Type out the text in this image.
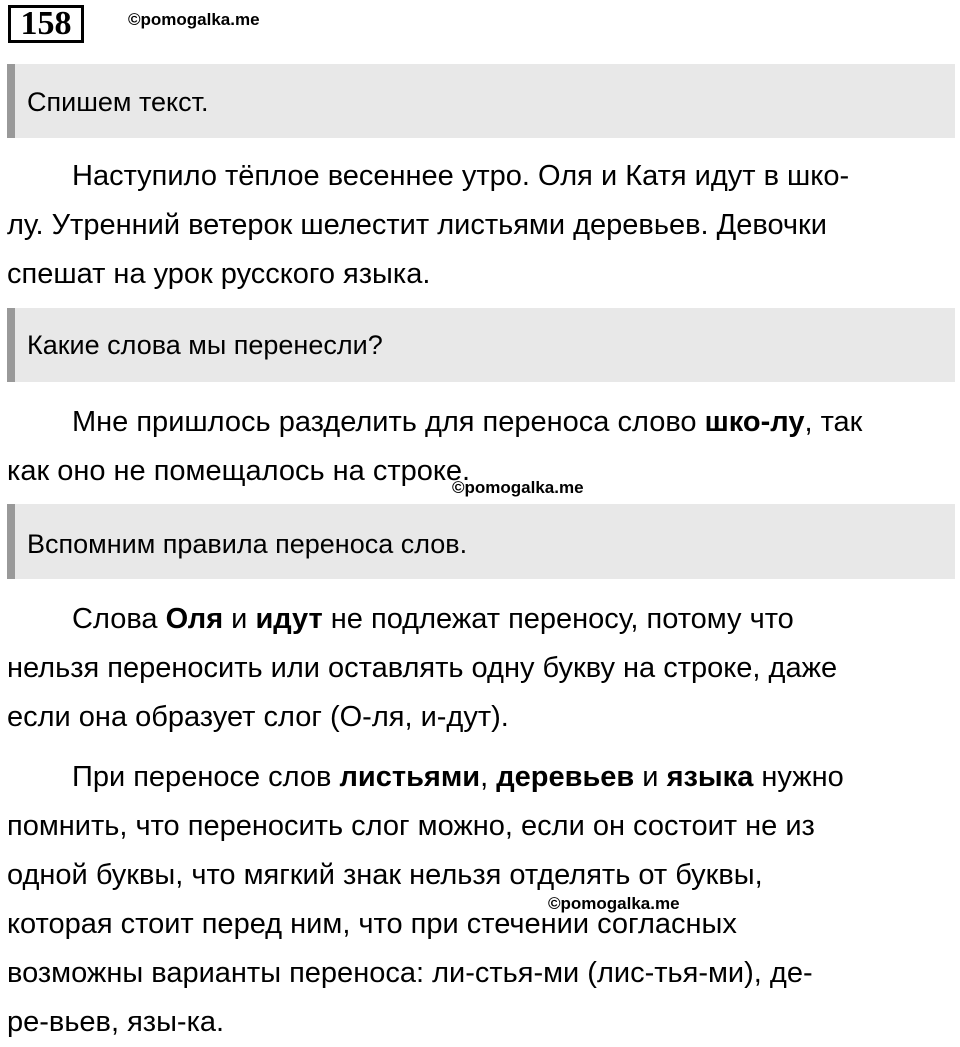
158	©pomogalka.me
Спишем текст.
Наступило тёплое весеннее утро. Оля и Катя идут в шко-
лу. Утренний ветерок шелестит листьями деревьев. Девочки
спешат на урок русского языка.
Какие слова мы перенесли?
Мне пришлось разделить для переноса слово шко-лу, так
как оно не помещалось на строке.
©pomogalka.me
Вспомним правила переноса слов.
Слова Оля и идут не подлежат переносу, потому что
нельзя переносить или оставлять одну букву на строке, даже
если она образует слог (О-ля, и-дут).
При переносе слов листьями, деревьев и языка нужно
помнить, что переносить слог можно, если он состоит не из
одной буквы, что мягкий знак нельзя отделять от буквы,
которая стоит перед ним, что при стечении согласных
возможны варианты переноса: ли-стья-ми (лис-тья-ми), де-
ре-вьев, язы-ка.
©pomogalka.me
